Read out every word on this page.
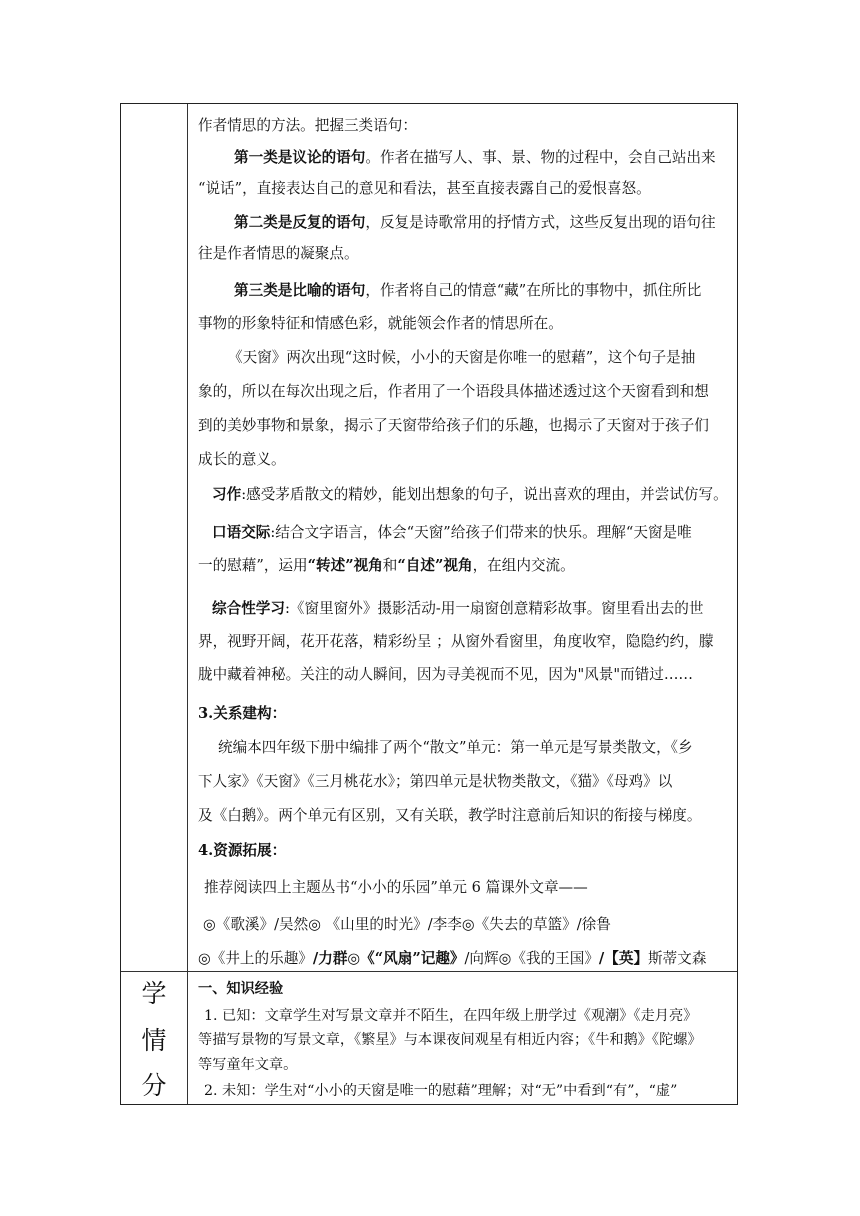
作者情思的方法。把握三类语句：
第一类是议论的语句。作者在描写人、事、景、物的过程中，会自己站出来
“说话”，直接表达自己的意见和看法，甚至直接表露自己的爱恨喜怒。
第二类是反复的语句，反复是诗歌常用的抒情方式，这些反复出现的语句往
往是作者情思的凝聚点。
第三类是比喻的语句，作者将自己的情意“藏”在所比的事物中，抓住所比
事物的形象特征和情感色彩，就能领会作者的情思所在。
《天窗》两次出现“这时候，小小的天窗是你唯一的慰藉”，这个句子是抽
象的，所以在每次出现之后，作者用了一个语段具体描述透过这个天窗看到和想
到的美妙事物和景象，揭示了天窗带给孩子们的乐趣，也揭示了天窗对于孩子们
成长的意义。
习作:感受茅盾散文的精妙，能划出想象的句子，说出喜欢的理由，并尝试仿写。
口语交际:结合文字语言，体会“天窗”给孩子们带来的快乐。理解“天窗是唯
一的慰藉”，运用“转述”视角和“自述”视角，在组内交流。
综合性学习:《窗里窗外》摄影活动-用一扇窗创意精彩故事。窗里看出去的世
界，视野开阔，花开花落，精彩纷呈 ；从窗外看窗里，角度收窄，隐隐约约，朦
胧中藏着神秘。关注的动人瞬间，因为寻美视而不见，因为"风景"而错过……
3.关系建构：
统编本四年级下册中编排了两个“散文”单元：第一单元是写景类散文，《乡
下人家》《天窗》《三月桃花水》；第四单元是状物类散文，《猫》《母鸡》以
及《白鹅》。两个单元有区别，又有关联，教学时注意前后知识的衔接与梯度。
4.资源拓展：
推荐阅读四上主题丛书“小小的乐园”单元 6 篇课外文章——
◎《歌溪》/吴然◎ 《山里的时光》/李李◎《失去的草篮》/徐鲁
◎《井上的乐趣》/力群◎《“风扇”记趣》/向辉◎《我的王国》/【英】斯蒂文森
学
情
分
一、知识经验
1. 已知：文章学生对写景文章并不陌生，在四年级上册学过《观潮》《走月亮》
等描写景物的写景文章，《繁星》与本课夜间观星有相近内容；《牛和鹅》《陀螺》
等写童年文章。
2. 未知：学生对“小小的天窗是唯一的慰藉”理解；对“无”中看到“有”，“虚”
